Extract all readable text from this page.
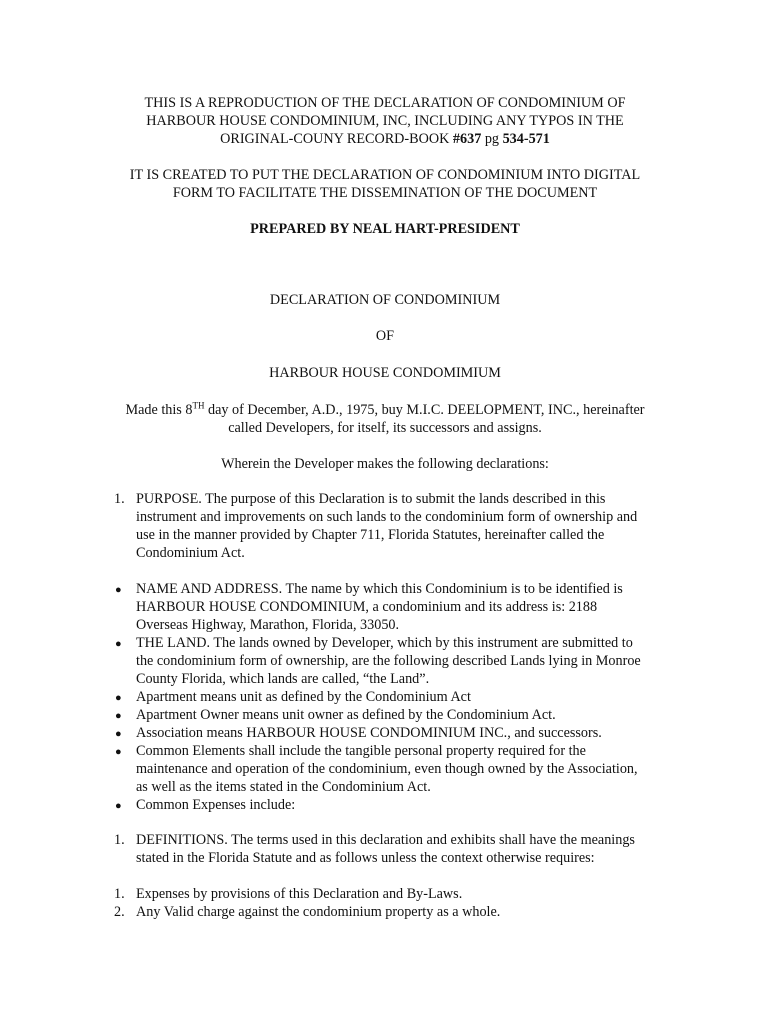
THIS IS A REPRODUCTION OF THE DECLARATION OF CONDOMINIUM OF
HARBOUR HOUSE CONDOMINIUM, INC, INCLUDING ANY TYPOS IN THE
ORIGINAL-COUNY RECORD-BOOK #637 pg 534-571
IT IS CREATED TO PUT THE DECLARATION OF CONDOMINIUM INTO DIGITAL
FORM TO FACILITATE THE DISSEMINATION OF THE DOCUMENT
PREPARED BY NEAL HART-PRESIDENT
DECLARATION OF CONDOMINIUM
OF
HARBOUR HOUSE CONDOMIMIUM
Made this 8TH day of December, A.D., 1975, buy M.I.C. DEELOPMENT, INC., hereinafter
called Developers, for itself, its successors and assigns.
Wherein the Developer makes the following declarations:
1. PURPOSE. The purpose of this Declaration is to submit the lands described in this
instrument and improvements on such lands to the condominium form of ownership and
use in the manner provided by Chapter 711, Florida Statutes, hereinafter called the
Condominium Act.
● NAME AND ADDRESS. The name by which this Condominium is to be identified is
HARBOUR HOUSE CONDOMINIUM, a condominium and its address is: 2188
Overseas Highway, Marathon, Florida, 33050.
● THE LAND. The lands owned by Developer, which by this instrument are submitted to
the condominium form of ownership, are the following described Lands lying in Monroe
County Florida, which lands are called, “the Land”.
● Apartment means unit as defined by the Condominium Act
● Apartment Owner means unit owner as defined by the Condominium Act.
● Association means HARBOUR HOUSE CONDOMINIUM INC., and successors.
● Common Elements shall include the tangible personal property required for the
maintenance and operation of the condominium, even though owned by the Association,
as well as the items stated in the Condominium Act.
● Common Expenses include:
1. DEFINITIONS. The terms used in this declaration and exhibits shall have the meanings
stated in the Florida Statute and as follows unless the context otherwise requires:
1. Expenses by provisions of this Declaration and By-Laws.
2. Any Valid charge against the condominium property as a whole.
